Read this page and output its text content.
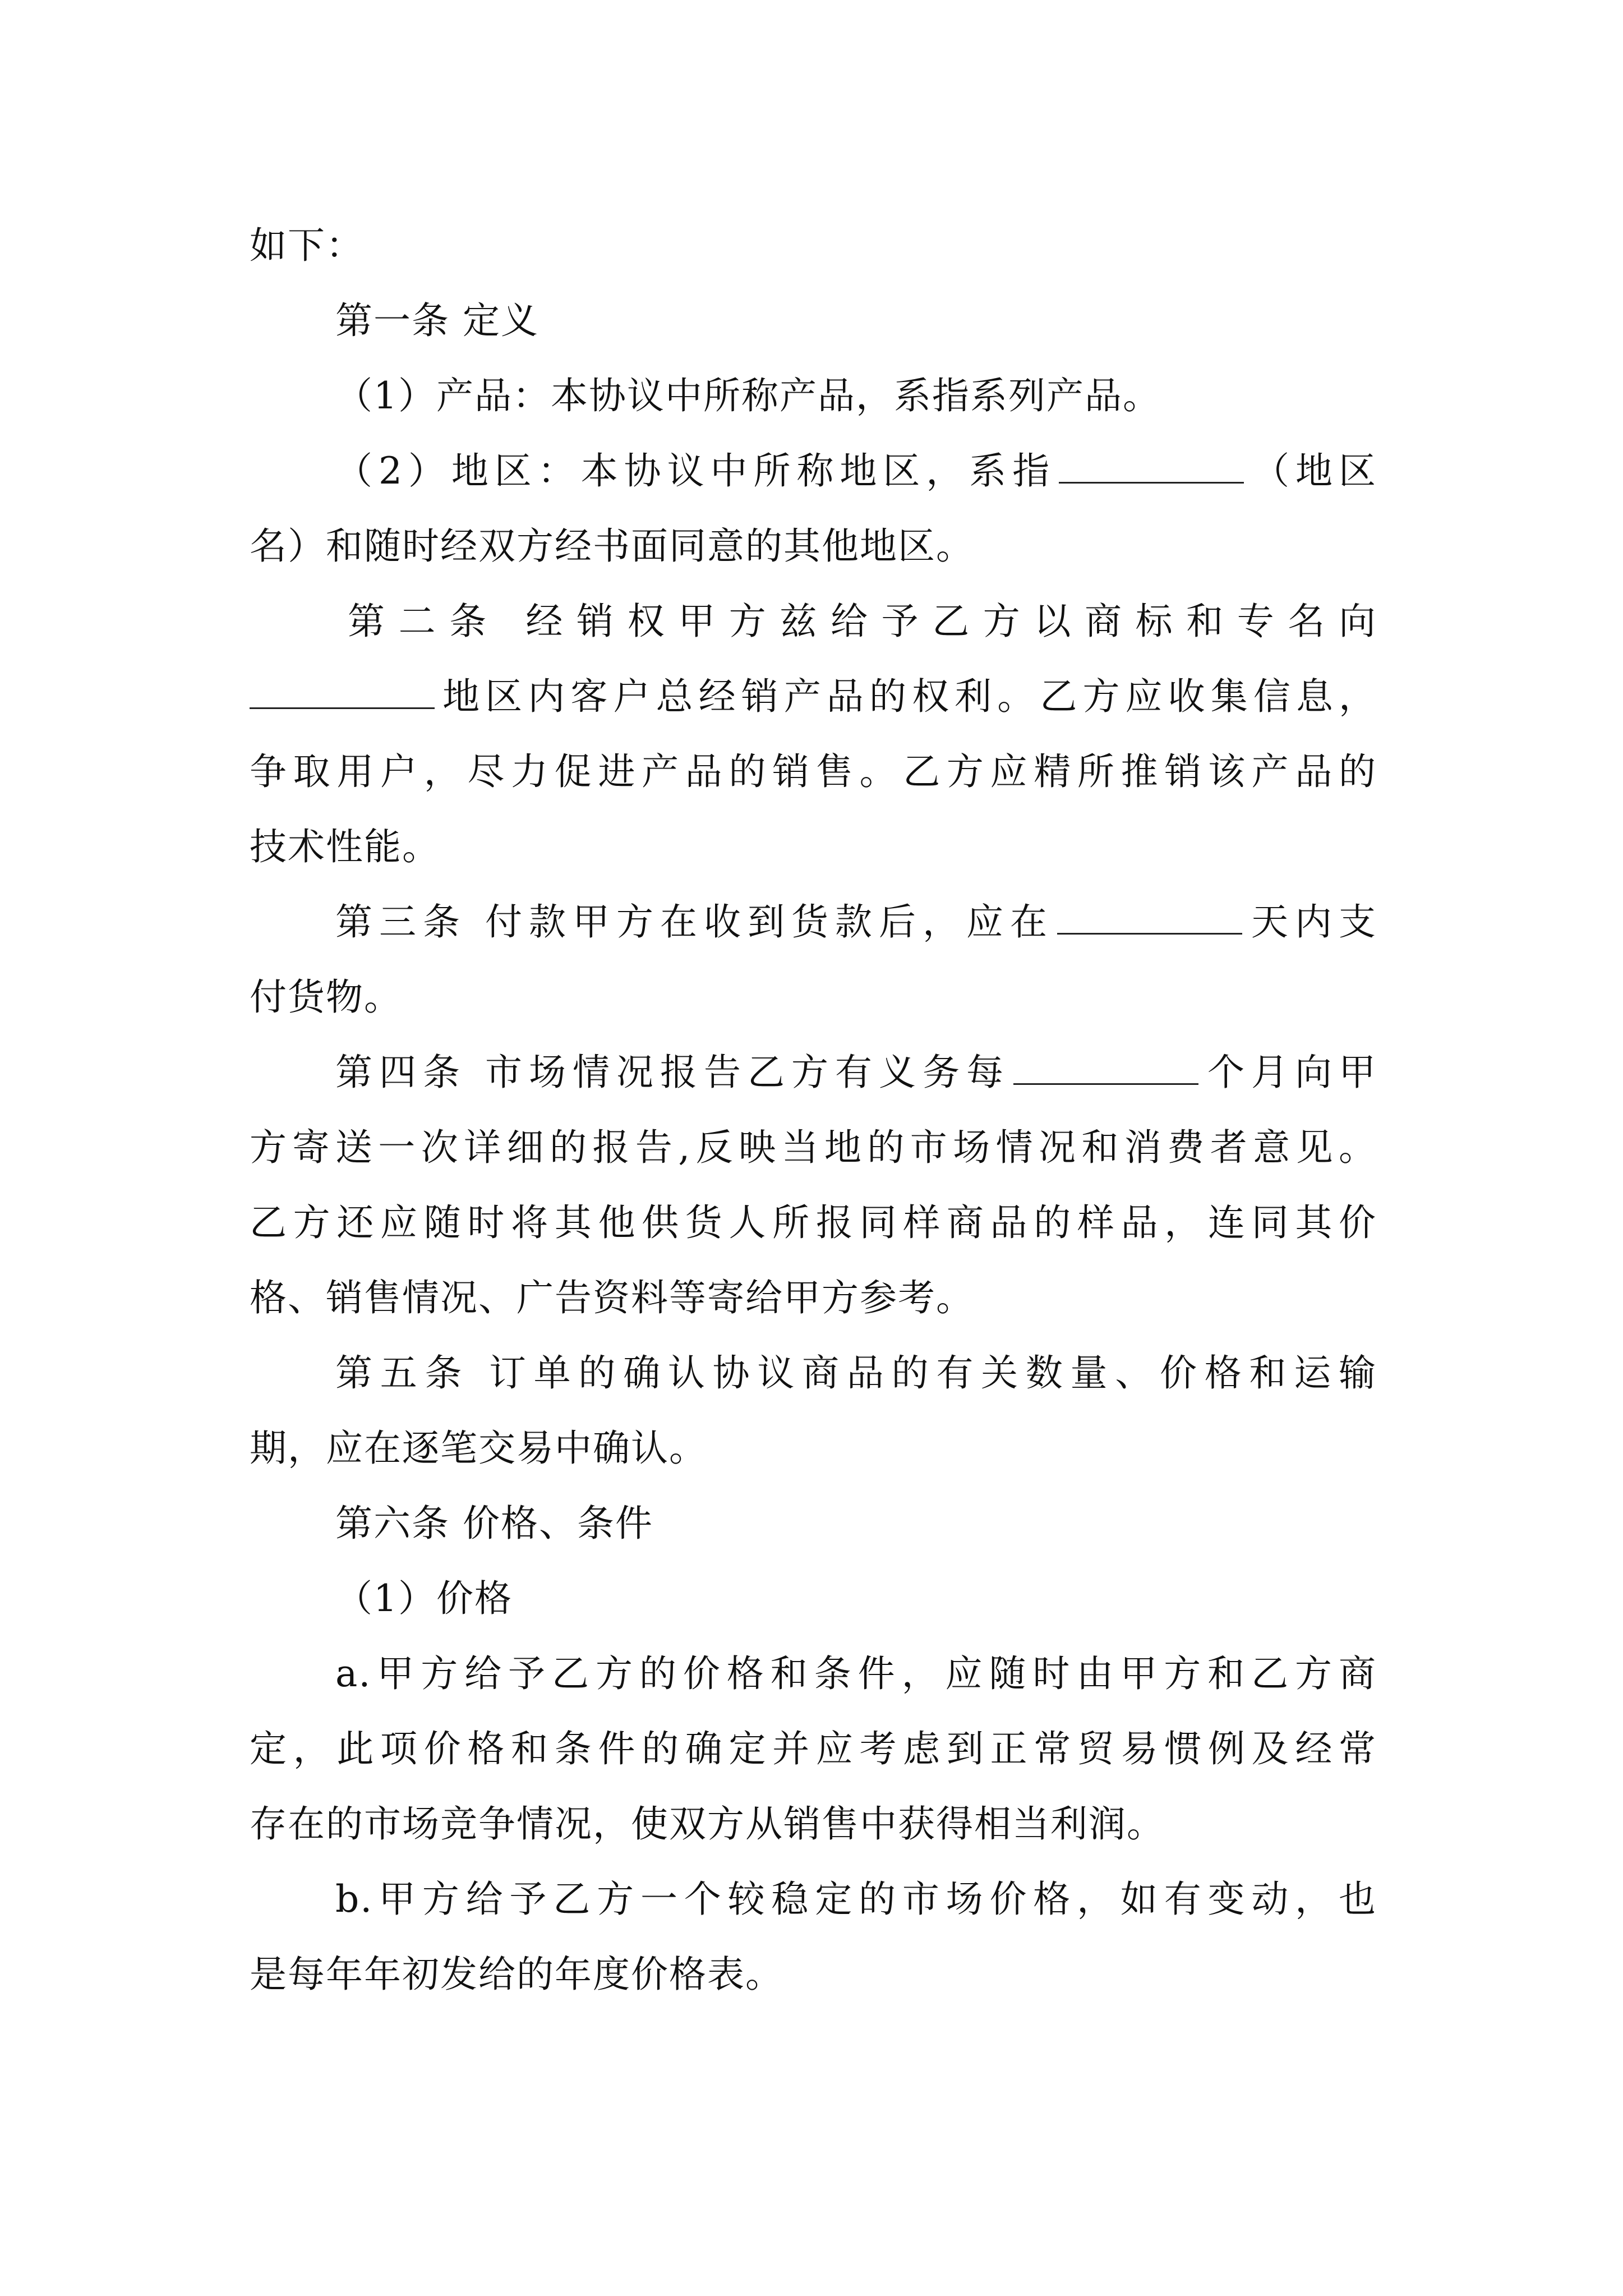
如下：
第一条 定义
（1）产品：本协议中所称产品，系指系列产品。
（2）地区：本协议中所称地区，系指	（地区
名）和随时经双方经书面同意的其他地区。
第二条 经销权甲方兹给予乙方以商标和专名向
地区内客户总经销产品的权利。乙方应收集信息，
争取用户，尽力促进产品的销售。乙方应精所推销该产品的
技术性能。
第三条 付款甲方在收到货款后，应在	天内支
付货物。
第四条 市场情况报告乙方有义务每	个月向甲
方寄送一次详细的报告,反映当地的市场情况和消费者意见。
乙方还应随时将其他供货人所报同样商品的样品，连同其价
格、销售情况、广告资料等寄给甲方参考。
第五条 订单的确认协议商品的有关数量、价格和运输
期，应在逐笔交易中确认。
第六条 价格、条件
（1）价格
a.甲方给予乙方的价格和条件，应随时由甲方和乙方商
定，此项价格和条件的确定并应考虑到正常贸易惯例及经常
存在的市场竞争情况，使双方从销售中获得相当利润。
b.甲方给予乙方一个较稳定的市场价格，如有变动，也
是每年年初发给的年度价格表。
